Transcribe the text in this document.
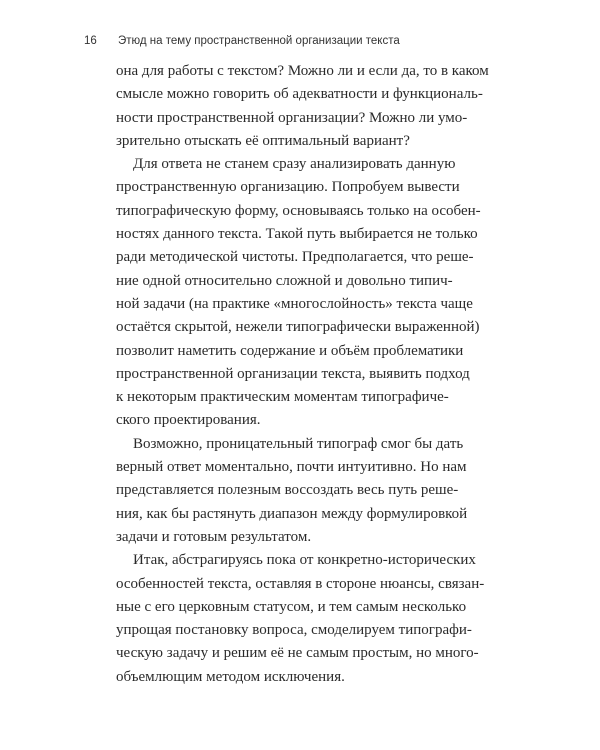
16 Этюд на тему пространственной организации текста
она для работы с текстом? Можно ли и если да, то в каком
смысле можно говорить об адекватности и функциональ-
ности пространственной организации? Можно ли умо-
зрительно отыскать её оптимальный вариант?
Для ответа не станем сразу анализировать данную
пространственную организацию. Попробуем вывести
типографическую форму, основываясь только на особен-
ностях данного текста. Такой путь выбирается не только
ради методической чистоты. Предполагается, что реше-
ние одной относительно сложной и довольно типич-
ной задачи (на практике «многослойность» текста чаще
остаётся скрытой, нежели типографически выраженной)
позволит наметить содержание и объём проблематики
пространственной организации текста, выявить подход
к некоторым практическим моментам типографиче-
ского проектирования.
Возможно, проницательный типограф смог бы дать
верный ответ моментально, почти интуитивно. Но нам
представляется полезным воссоздать весь путь реше-
ния, как бы растянуть диапазон между формулировкой
задачи и готовым результатом.
Итак, абстрагируясь пока от конкретно-исторических
особенностей текста, оставляя в стороне нюансы, связан-
ные с его церковным статусом, и тем самым несколько
упрощая постановку вопроса, смоделируем типографи-
ческую задачу и решим её не самым простым, но много-
объемлющим методом исключения.
